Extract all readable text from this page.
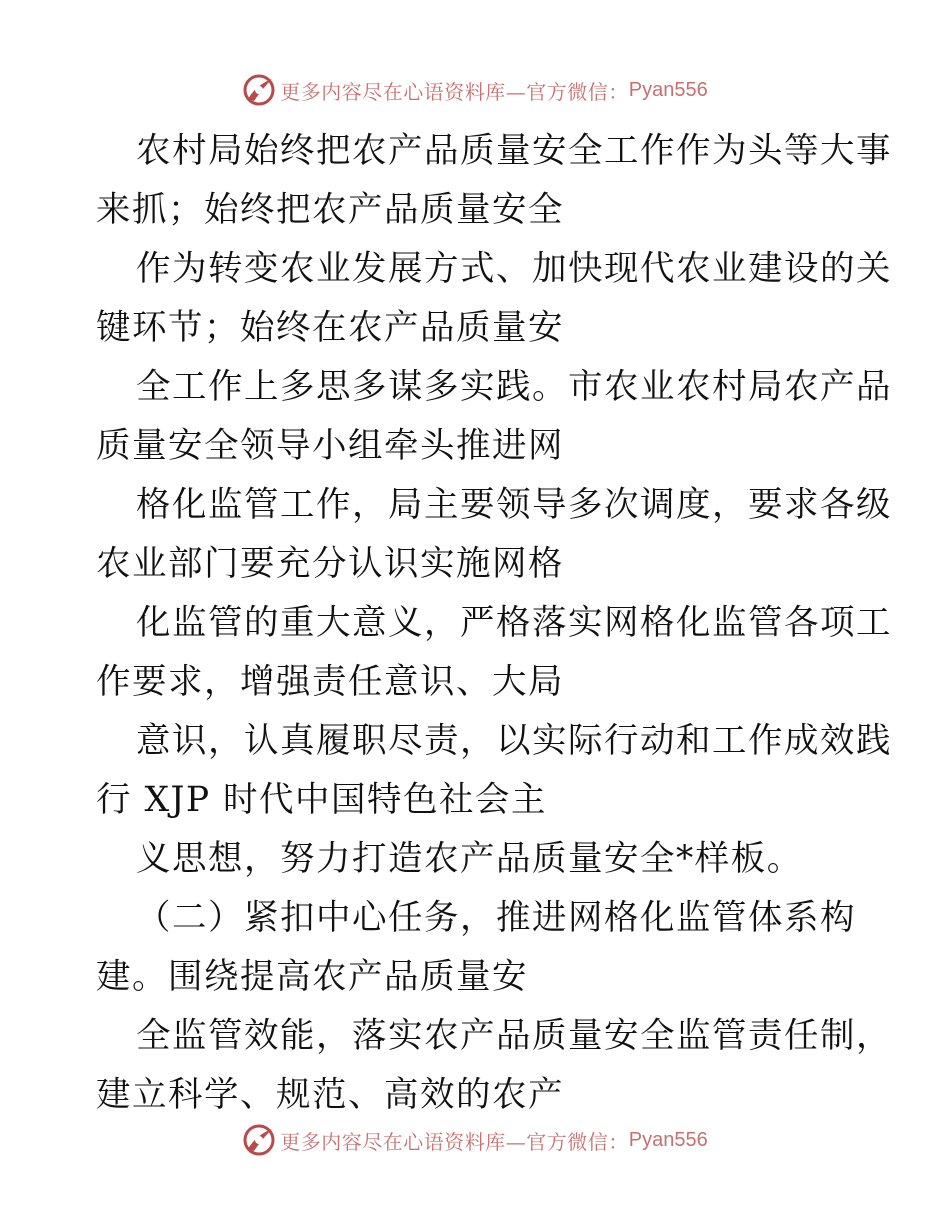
更多内容尽在心语资料库—官方微信： Pyan556
农村局始终把农产品质量安全工作作为头等大事
来抓；始终把农产品质量安全
作为转变农业发展方式、加快现代农业建设的关
键环节；始终在农产品质量安
全工作上多思多谋多实践。市农业农村局农产品
质量安全领导小组牵头推进网
格化监管工作，局主要领导多次调度，要求各级
农业部门要充分认识实施网格
化监管的重大意义，严格落实网格化监管各项工
作要求，增强责任意识、大局
意识，认真履职尽责，以实际行动和工作成效践
行 XJP 时代中国特色社会主
义思想，努力打造农产品质量安全*样板。
（二）紧扣中心任务，推进网格化监管体系构
建。围绕提高农产品质量安
全监管效能，落实农产品质量安全监管责任制，
建立科学、规范、高效的农产
更多内容尽在心语资料库—官方微信： Pyan556
